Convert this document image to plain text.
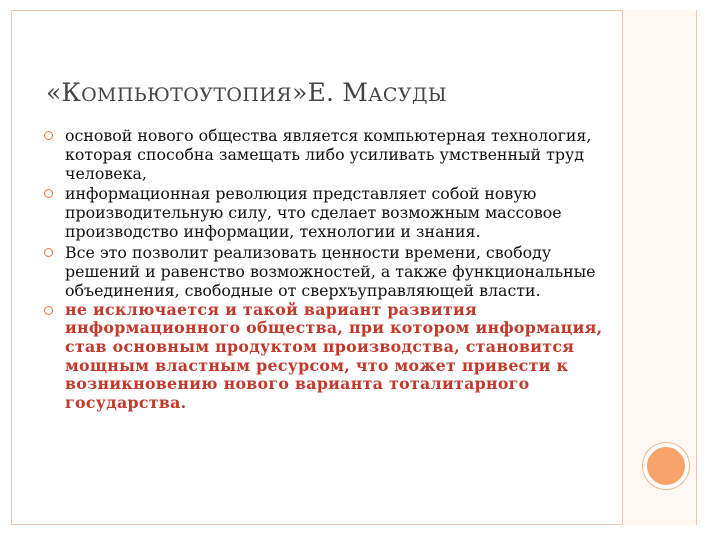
«КОМПЬЮТОУТОПИЯ»Е. МАСУДЫ
основой нового общества является компьютерная технология, которая способна замещать либо усиливать умственный труд человека,
информационная революция представляет собой новую производительную силу, что сделает возможным массовое производство информации, технологии и знания.
Все это позволит реализовать ценности времени, свободу решений и равенство возможностей, а также функциональные объединения, свободные от сверхъуправляющей власти.
не исключается и такой вариант развития информационного общества, при котором информация, став основным продуктом производства, становится мощным властным ресурсом, что может привести к возникновению нового варианта тоталитарного государства.
